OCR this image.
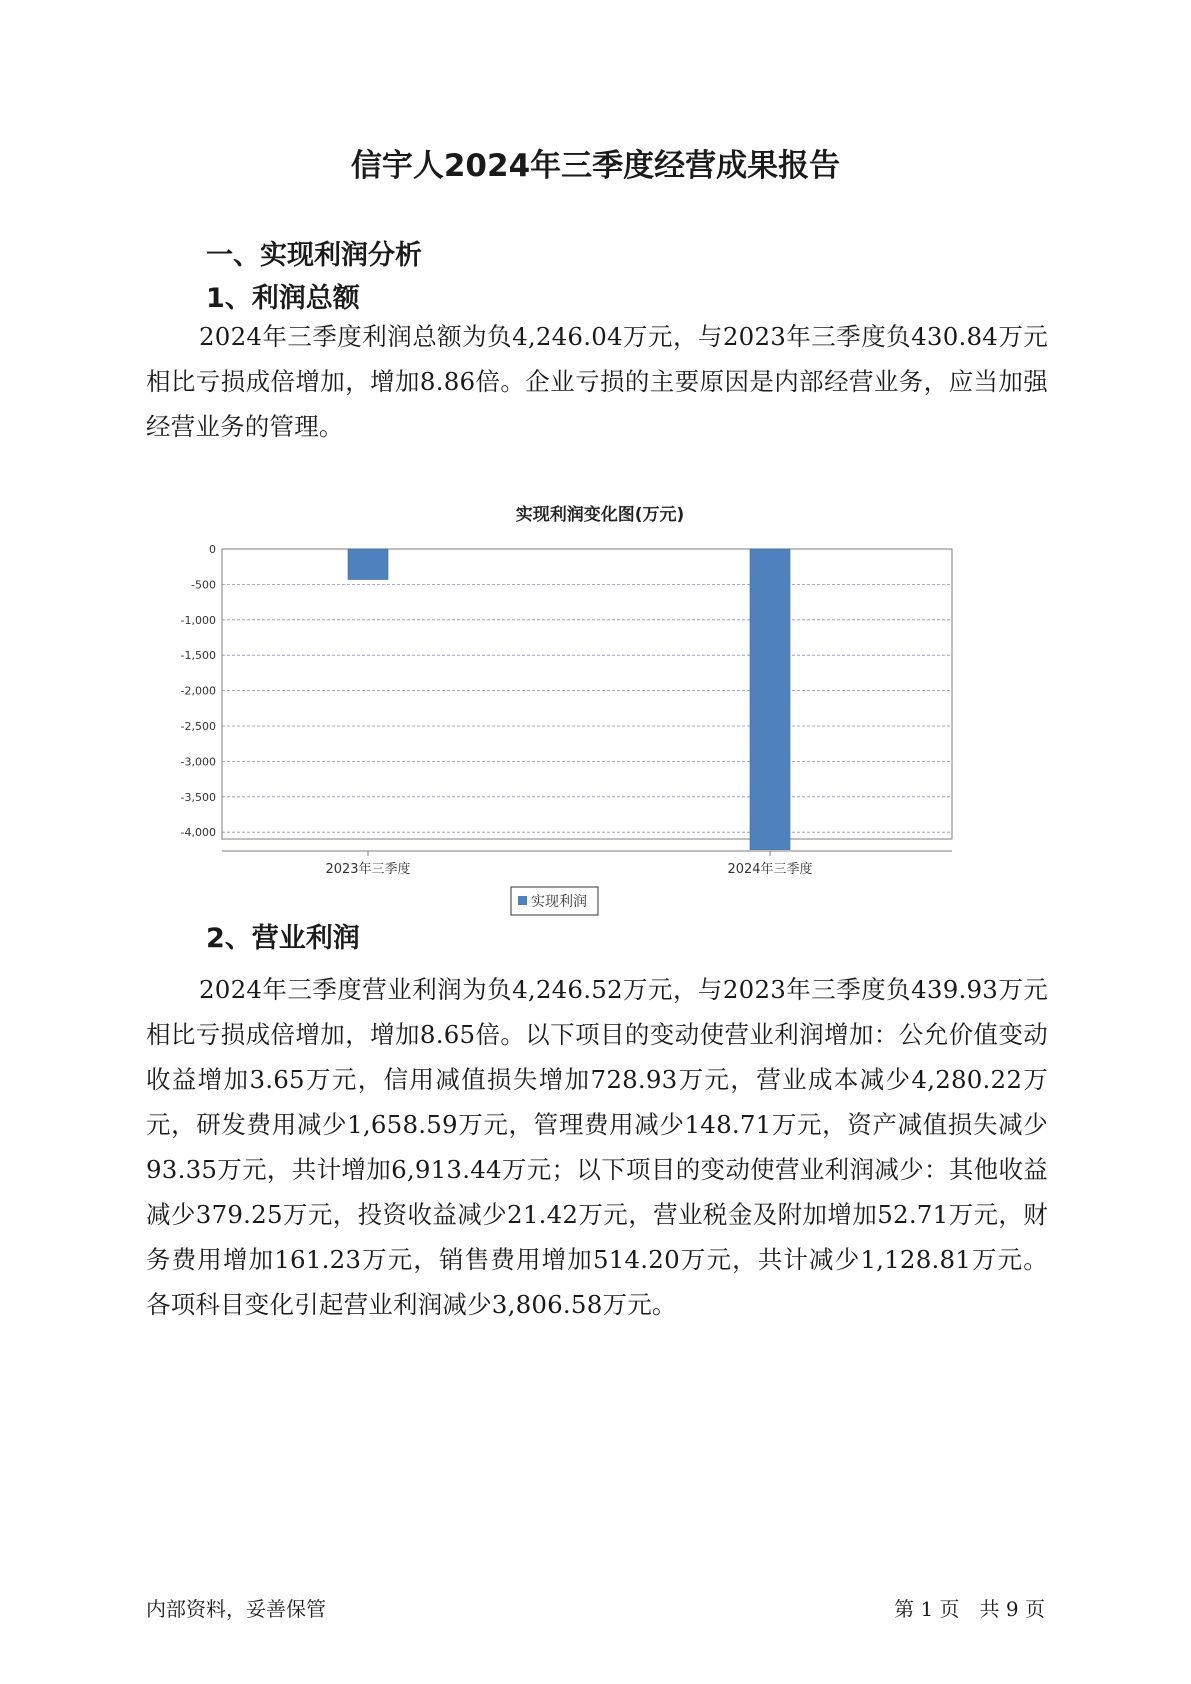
信宇人2024年三季度经营成果报告
一、实现利润分析
1、利润总额
2024年三季度利润总额为负4,246.04万元，与2023年三季度负430.84万元相比亏损成倍增加，增加8.86倍。企业亏损的主要原因是内部经营业务，应当加强经营业务的管理。
实现利润变化图(万元)
0
-500
-1,000
-1,500
-2,000
-2,500
-3,000
-3,500
-4,000
2023年三季度	2024年三季度
实现利润
2、营业利润
2024年三季度营业利润为负4,246.52万元，与2023年三季度负439.93万元相比亏损成倍增加，增加8.65倍。以下项目的变动使营业利润增加：公允价值变动收益增加3.65万元，信用减值损失增加728.93万元，营业成本减少4,280.22万元，研发费用减少1,658.59万元，管理费用减少148.71万元，资产减值损失减少93.35万元，共计增加6,913.44万元；以下项目的变动使营业利润减少：其他收益减少379.25万元，投资收益减少21.42万元，营业税金及附加增加52.71万元，财务费用增加161.23万元，销售费用增加514.20万元，共计减少1,128.81万元。各项科目变化引起营业利润减少3,806.58万元。
内部资料，妥善保管	第 1 页　共 9 页
